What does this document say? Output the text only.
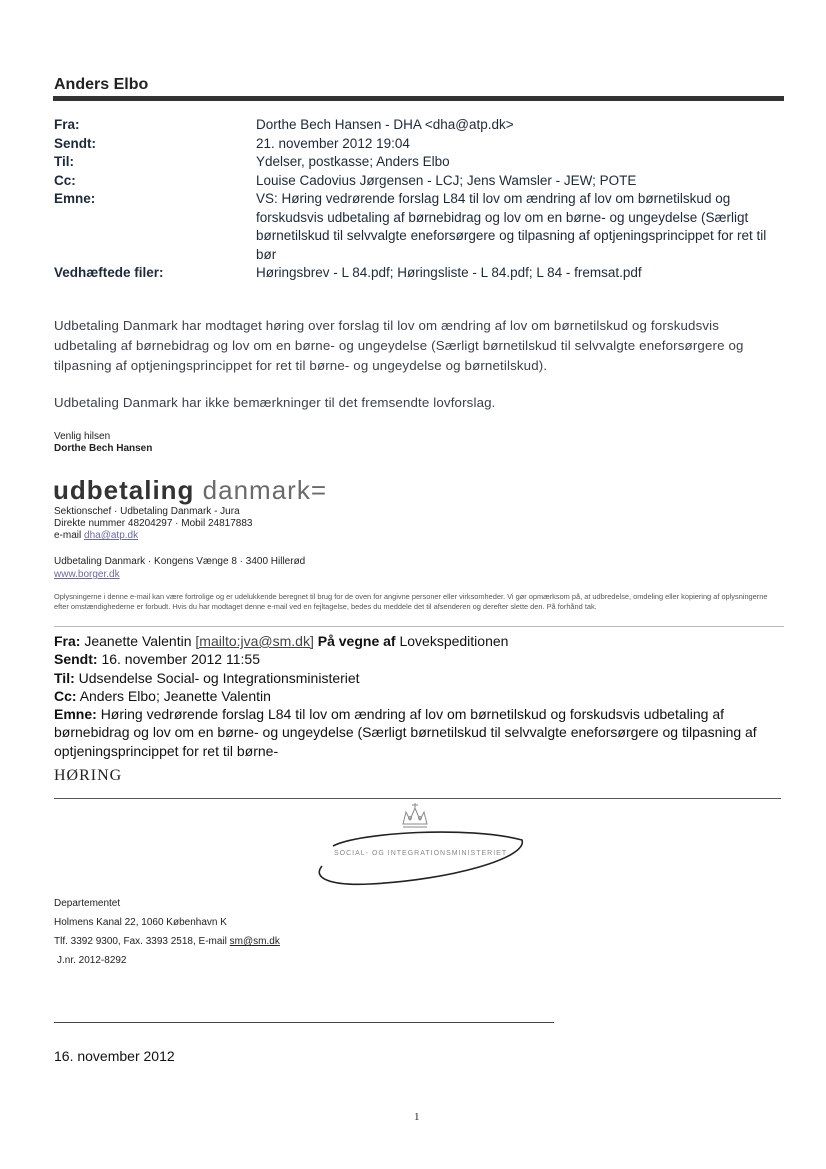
Anders Elbo
Fra:	Dorthe Bech Hansen - DHA <dha@atp.dk>
Sendt:	21. november 2012 19:04
Til:	Ydelser, postkasse; Anders Elbo
Cc:	Louise Cadovius Jørgensen - LCJ; Jens Wamsler - JEW; POTE
Emne:	VS: Høring vedrørende forslag L84 til lov om ændring af lov om børnetilskud og forskudsvis udbetaling af børnebidrag og lov om en børne- og ungeydelse (Særligt børnetilskud til selvvalgte eneforsørgere og tilpasning af optjeningsprincippet for ret til bør
Vedhæftede filer:	Høringsbrev - L 84.pdf; Høringsliste - L 84.pdf; L 84 - fremsat.pdf
Udbetaling Danmark har modtaget høring over forslag til lov om ændring af lov om børnetilskud og forskudsvis udbetaling af børnebidrag og lov om en børne- og ungeydelse (Særligt børnetilskud til selvvalgte eneforsørgere og tilpasning af optjeningsprincippet for ret til børne- og ungeydelse og børnetilskud).
Udbetaling Danmark har ikke bemærkninger til det fremsendte lovforslag.
Venlig hilsen
Dorthe Bech Hansen
udbetaling danmark=
Sektionschef · Udbetaling Danmark - Jura
Direkte nummer 48204297 · Mobil 24817883
e-mail dha@atp.dk
Udbetaling Danmark · Kongens Vænge 8 · 3400 Hillerød
www.borger.dk
Oplysningerne i denne e-mail kan være fortrolige og er udelukkende beregnet til brug for de oven for angivne personer eller virksomheder. Vi gør opmærksom på, at udbredelse, omdeling eller kopiering af oplysningerne efter omstændighederne er forbudt. Hvis du har modtaget denne e-mail ved en fejltagelse, bedes du meddele det til afsenderen og derefter slette den. På forhånd tak.
Fra: Jeanette Valentin [mailto:jva@sm.dk] På vegne af Lovekspeditionen
Sendt: 16. november 2012 11:55
Til: Udsendelse Social- og Integrationsministeriet
Cc: Anders Elbo; Jeanette Valentin
Emne: Høring vedrørende forslag L84 til lov om ændring af lov om børnetilskud og forskudsvis udbetaling af børnebidrag og lov om en børne- og ungeydelse (Særligt børnetilskud til selvvalgte eneforsørgere og tilpasning af optjeningsprincippet for ret til børne-
HØRING
SOCIAL- OG INTEGRATIONSMINISTERIET
Departementet
Holmens Kanal 22, 1060 København K
Tlf. 3392 9300, Fax. 3393 2518, E-mail sm@sm.dk
J.nr. 2012-8292
16. november 2012
1
